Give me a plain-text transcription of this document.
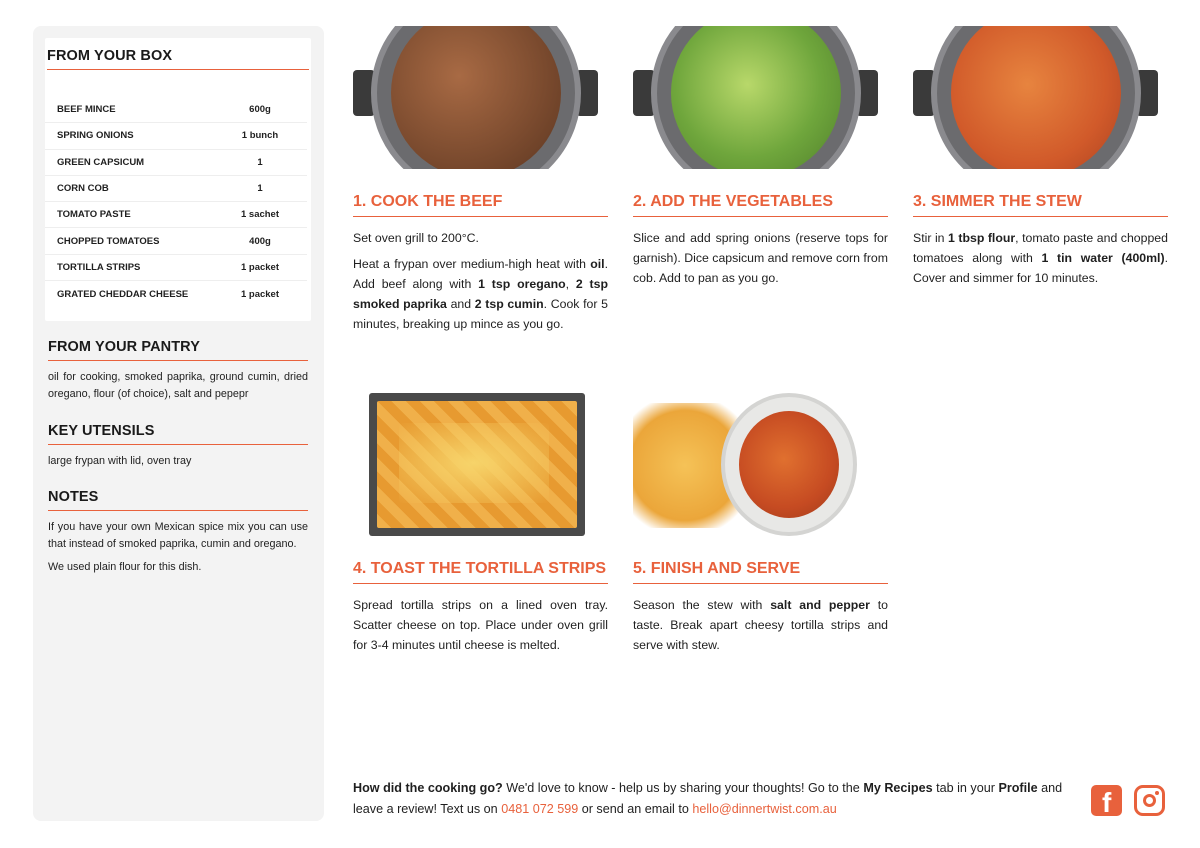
FROM YOUR BOX
BEEF MINCE	600g
SPRING ONIONS	1 bunch
GREEN CAPSICUM	1
CORN COB	1
TOMATO PASTE	1 sachet
CHOPPED TOMATOES	400g
TORTILLA STRIPS	1 packet
GRATED CHEDDAR CHEESE	1 packet
FROM YOUR PANTRY

oil for cooking, smoked paprika, ground cumin, dried oregano, flour (of choice), salt and pepepr

KEY UTENSILS

large frypan with lid, oven tray

NOTES

If you have your own Mexican spice mix you can use that instead of smoked paprika, cumin and oregano.

We used plain flour for this dish.

1. COOK THE BEEF

Set oven grill to 200°C.

Heat a frypan over medium-high heat with oil. Add beef along with 1 tsp oregano, 2 tsp smoked paprika and 2 tsp cumin. Cook for 5 minutes, breaking up mince as you go.

2. ADD THE VEGETABLES

Slice and add spring onions (reserve tops for garnish). Dice capsicum and remove corn from cob. Add to pan as you go.

3. SIMMER THE STEW

Stir in 1 tbsp flour, tomato paste and chopped tomatoes along with 1 tin water (400ml). Cover and simmer for 10 minutes.

4. TOAST THE TORTILLA STRIPS

Spread tortilla strips on a lined oven tray. Scatter cheese on top. Place under oven grill for 3-4 minutes until cheese is melted.

5. FINISH AND SERVE

Season the stew with salt and pepper to taste. Break apart cheesy tortilla strips and serve with stew.

How did the cooking go? We'd love to know - help us by sharing your thoughts! Go to the My Recipes tab in your Profile and leave a review! Text us on 0481 072 599 or send an email to hello@dinnertwist.com.au	f
